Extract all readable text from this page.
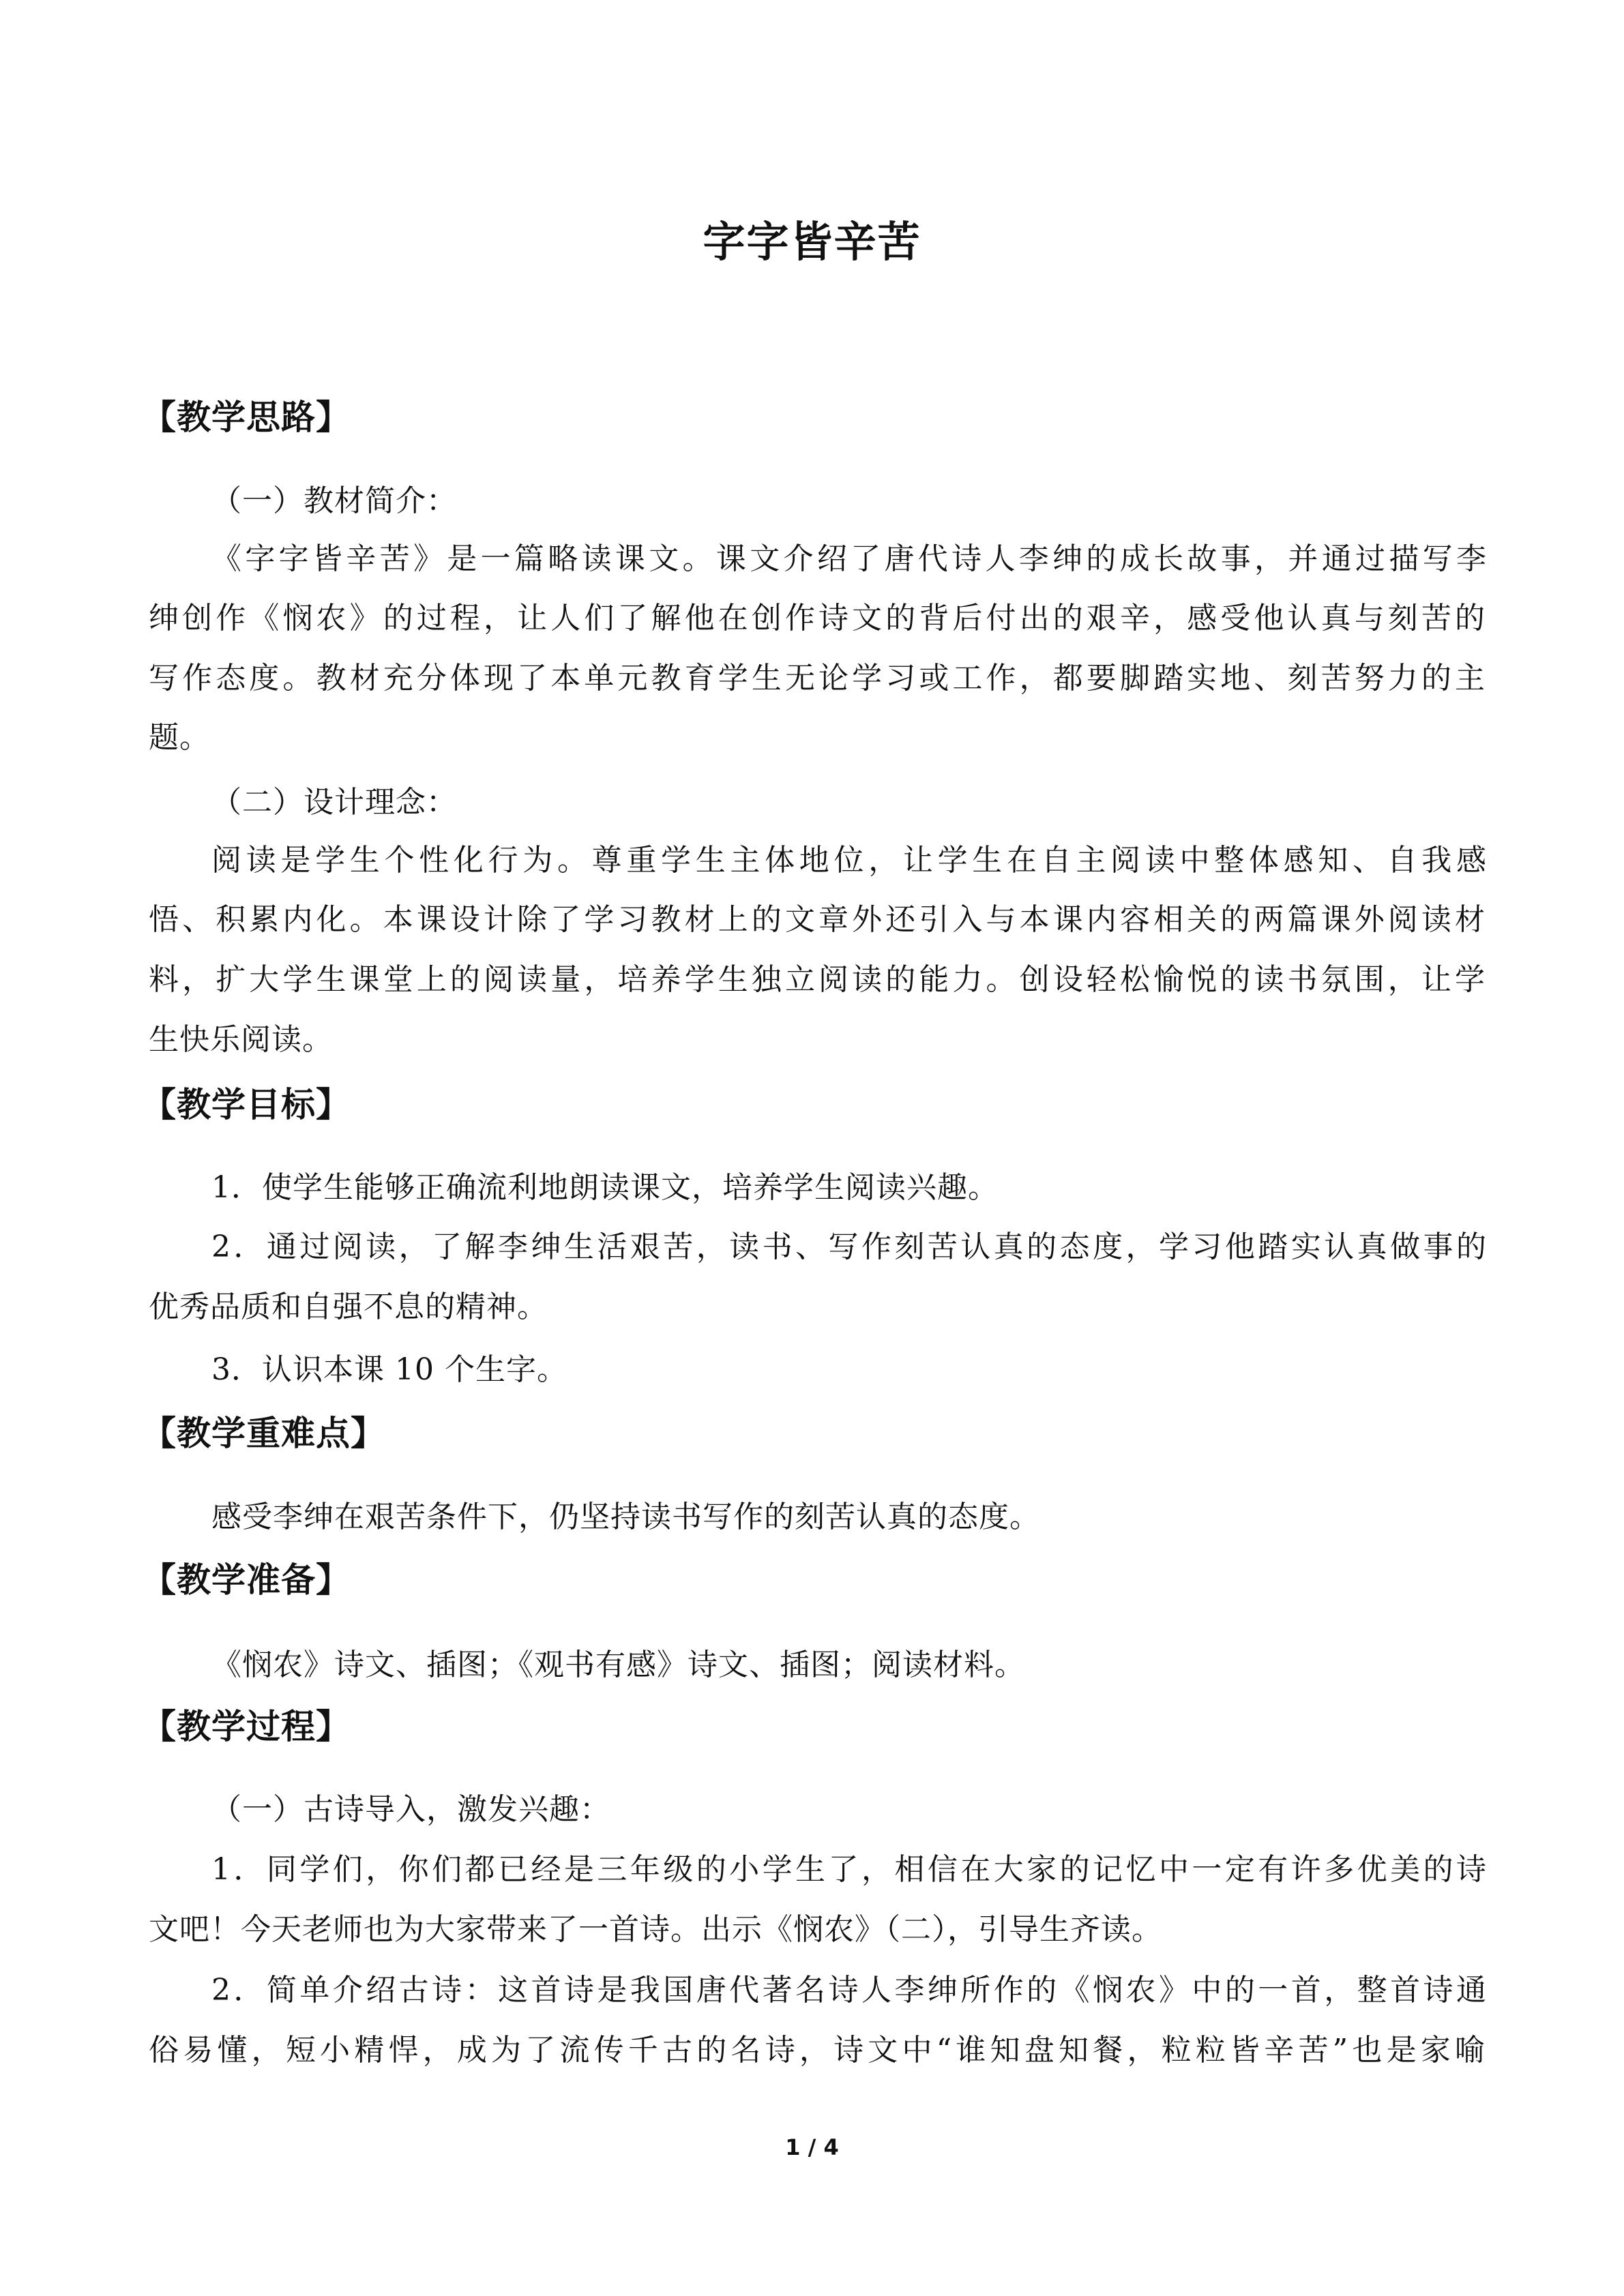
字字皆辛苦
【教学思路】
（一）教材简介：
《字字皆辛苦》是一篇略读课文。课文介绍了唐代诗人李绅的成长故事，并通过描写李
绅创作《悯农》的过程，让人们了解他在创作诗文的背后付出的艰辛，感受他认真与刻苦的
写作态度。教材充分体现了本单元教育学生无论学习或工作，都要脚踏实地、刻苦努力的主
题。
（二）设计理念：
阅读是学生个性化行为。尊重学生主体地位，让学生在自主阅读中整体感知、自我感
悟、积累内化。本课设计除了学习教材上的文章外还引入与本课内容相关的两篇课外阅读材
料，扩大学生课堂上的阅读量，培养学生独立阅读的能力。创设轻松愉悦的读书氛围，让学
生快乐阅读。
【教学目标】
1．使学生能够正确流利地朗读课文，培养学生阅读兴趣。
2．通过阅读，了解李绅生活艰苦，读书、写作刻苦认真的态度，学习他踏实认真做事的
优秀品质和自强不息的精神。
3．认识本课 10 个生字。
【教学重难点】
感受李绅在艰苦条件下，仍坚持读书写作的刻苦认真的态度。
【教学准备】
《悯农》诗文、插图；《观书有感》诗文、插图；阅读材料。
【教学过程】
（一）古诗导入，激发兴趣：
1．同学们，你们都已经是三年级的小学生了，相信在大家的记忆中一定有许多优美的诗
文吧！今天老师也为大家带来了一首诗。出示《悯农》（二），引导生齐读。
2．简单介绍古诗：这首诗是我国唐代著名诗人李绅所作的《悯农》中的一首，整首诗通
俗易懂，短小精悍，成为了流传千古的名诗，诗文中“谁知盘知餐，粒粒皆辛苦”也是家喻
1 / 4
